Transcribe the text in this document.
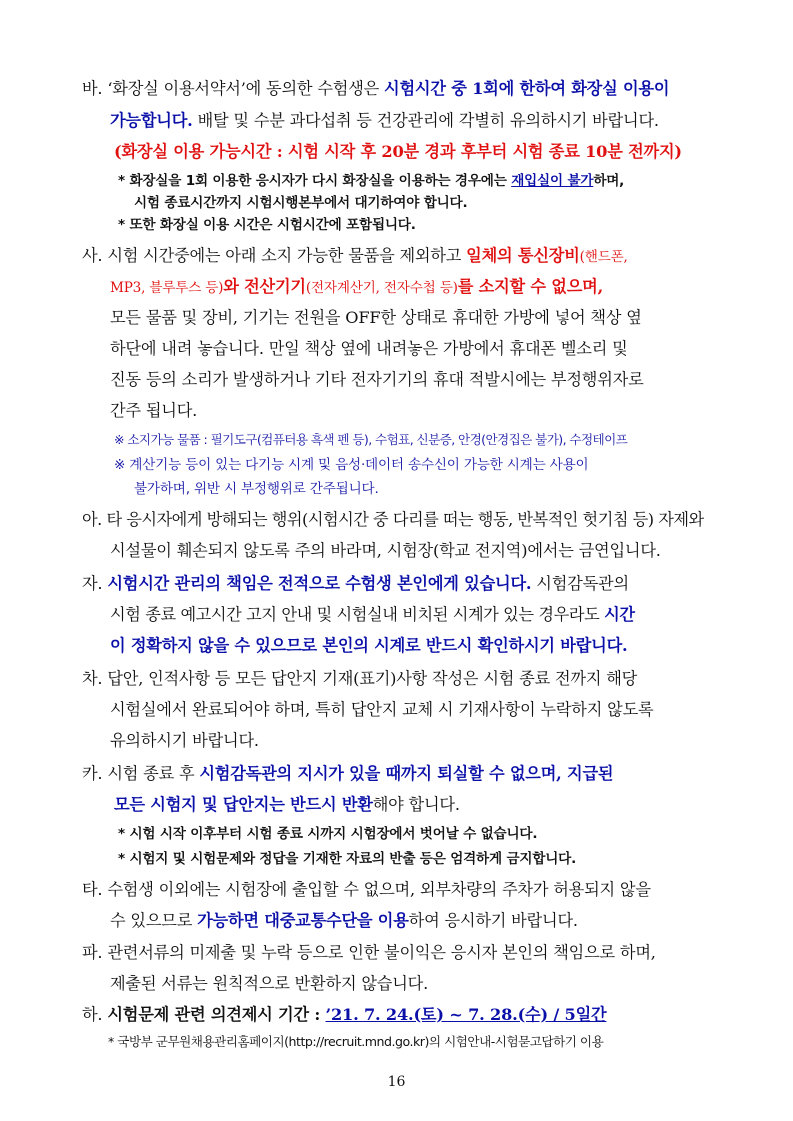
바. ‘화장실 이용서약서’에 동의한 수험생은 시험시간 중 1회에 한하여 화장실 이용이
가능합니다. 배탈 및 수분 과다섭취 등 건강관리에 각별히 유의하시기 바랍니다.
(화장실 이용 가능시간 : 시험 시작 후 20분 경과 후부터 시험 종료 10분 전까지)
* 화장실을 1회 이용한 응시자가 다시 화장실을 이용하는 경우에는 재입실이 불가하며,
시험 종료시간까지 시험시행본부에서 대기하여야 합니다.
* 또한 화장실 이용 시간은 시험시간에 포함됩니다.
사. 시험 시간중에는 아래 소지 가능한 물품을 제외하고 일체의 통신장비(핸드폰,
MP3, 블루투스 등)와 전산기기(전자계산기, 전자수첩 등)를 소지할 수 없으며,
모든 물품 및 장비, 기기는 전원을 OFF한 상태로 휴대한 가방에 넣어 책상 옆
하단에 내려 놓습니다. 만일 책상 옆에 내려놓은 가방에서 휴대폰 벨소리 및
진동 등의 소리가 발생하거나 기타 전자기기의 휴대 적발시에는 부정행위자로
간주 됩니다.
※ 소지가능 물품 : 필기도구(컴퓨터용 흑색 펜 등), 수험표, 신분증, 안경(안경집은 불가), 수정테이프
※ 계산기능 등이 있는 다기능 시계 및 음성·데이터 송수신이 가능한 시계는 사용이
불가하며, 위반 시 부정행위로 간주됩니다.
아. 타 응시자에게 방해되는 행위(시험시간 중 다리를 떠는 행동, 반복적인 헛기침 등) 자제와
시설물이 훼손되지 않도록 주의 바라며, 시험장(학교 전지역)에서는 금연입니다.
자. 시험시간 관리의 책임은 전적으로 수험생 본인에게 있습니다. 시험감독관의
시험 종료 예고시간 고지 안내 및 시험실내 비치된 시계가 있는 경우라도 시간
이 정확하지 않을 수 있으므로 본인의 시계로 반드시 확인하시기 바랍니다.
차. 답안, 인적사항 등 모든 답안지 기재(표기)사항 작성은 시험 종료 전까지 해당
시험실에서 완료되어야 하며, 특히 답안지 교체 시 기재사항이 누락하지 않도록
유의하시기 바랍니다.
카. 시험 종료 후 시험감독관의 지시가 있을 때까지 퇴실할 수 없으며, 지급된
모든 시험지 및 답안지는 반드시 반환해야 합니다.
* 시험 시작 이후부터 시험 종료 시까지 시험장에서 벗어날 수 없습니다.
* 시험지 및 시험문제와 정답을 기재한 자료의 반출 등은 엄격하게 금지합니다.
타. 수험생 이외에는 시험장에 출입할 수 없으며, 외부차량의 주차가 허용되지 않을
수 있으므로 가능하면 대중교통수단을 이용하여 응시하기 바랍니다.
파. 관련서류의 미제출 및 누락 등으로 인한 불이익은 응시자 본인의 책임으로 하며,
제출된 서류는 원칙적으로 반환하지 않습니다.
하. 시험문제 관련 의견제시 기간 : ’21. 7. 24.(토) ~ 7. 28.(수) / 5일간
* 국방부 군무원채용관리홈페이지(http://recruit.mnd.go.kr)의 시험안내-시험묻고답하기 이용
16
